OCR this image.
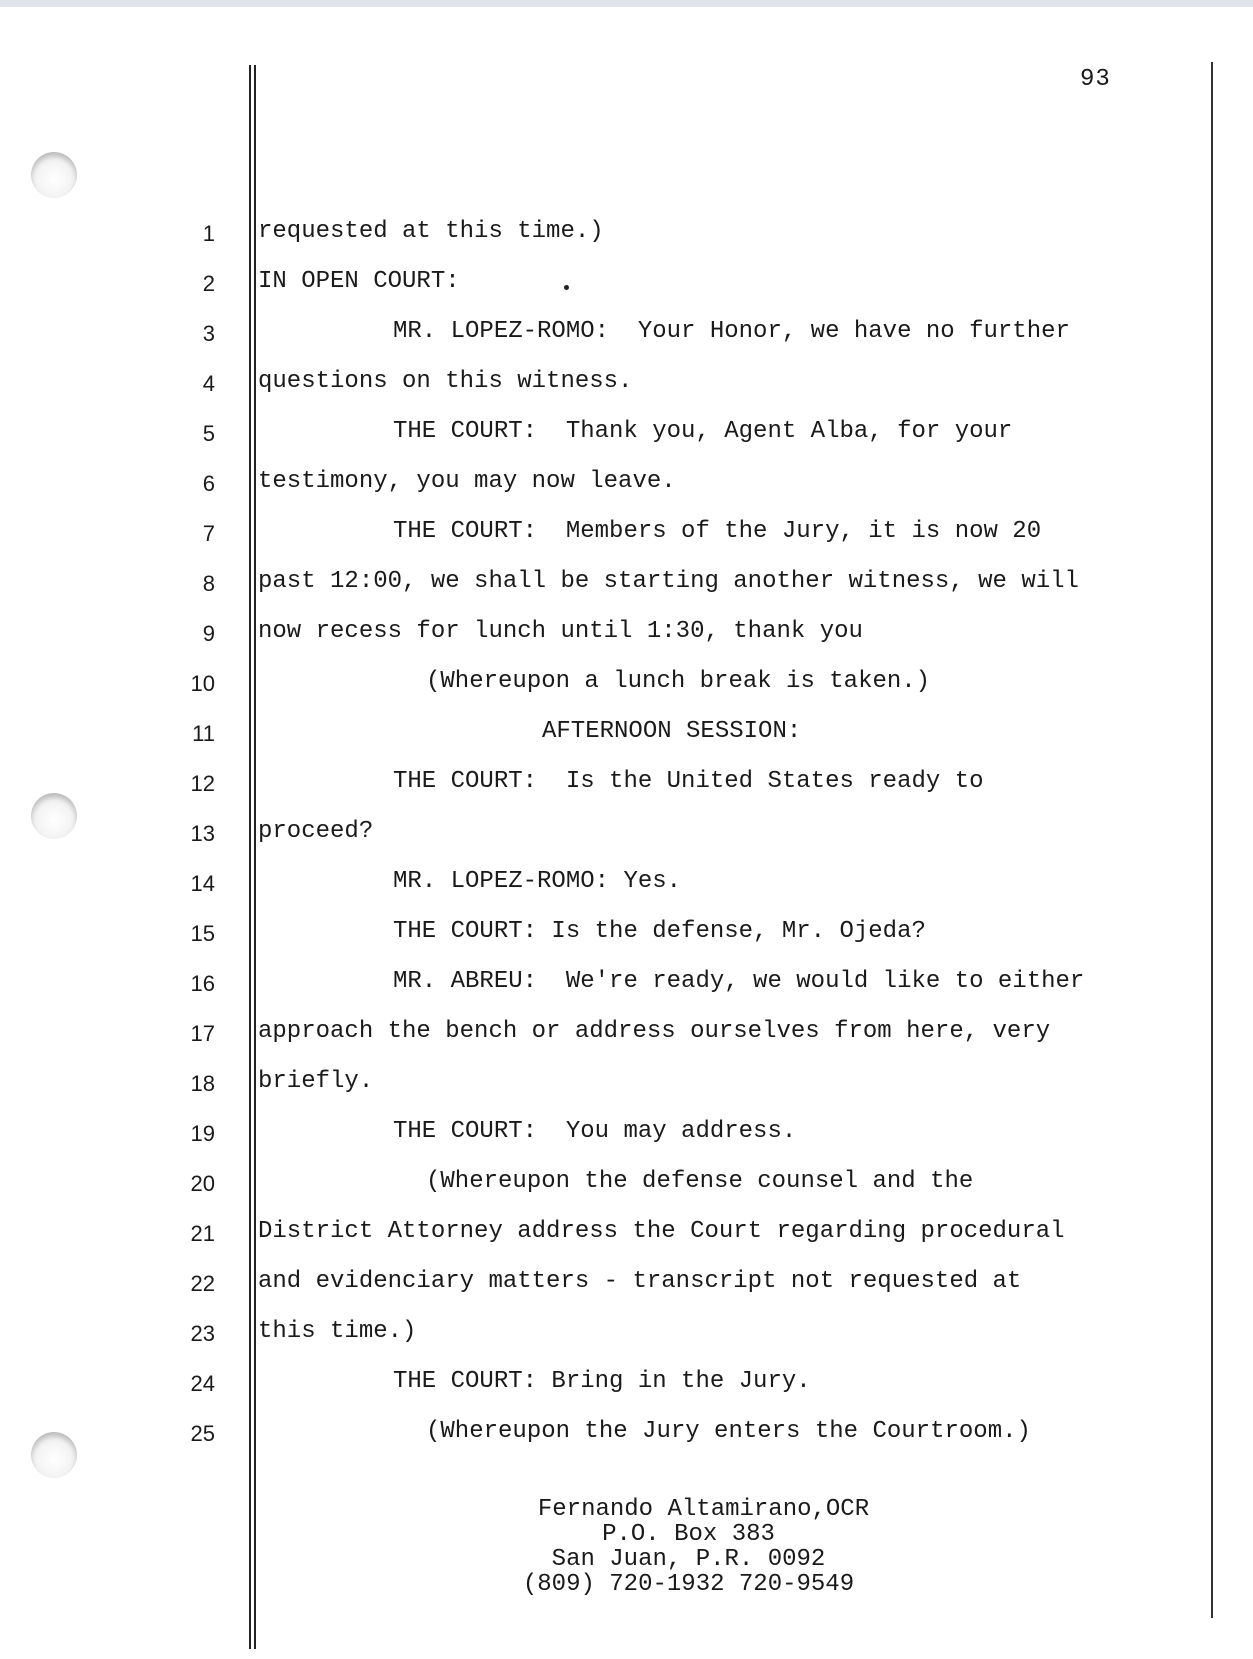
93
1
2
3
4
5
6
7
8
9
10
11
12
13
14
15
16
17
18
19
20
21
22
23
24
25
requested at this time.)
IN OPEN COURT:
MR. LOPEZ-ROMO:  Your Honor, we have no further
questions on this witness.
THE COURT:  Thank you, Agent Alba, for your
testimony, you may now leave.
THE COURT:  Members of the Jury, it is now 20
past 12:00, we shall be starting another witness, we will
now recess for lunch until 1:30, thank you
(Whereupon a lunch break is taken.)
AFTERNOON SESSION:
THE COURT:  Is the United States ready to
proceed?
MR. LOPEZ-ROMO: Yes.
THE COURT: Is the defense, Mr. Ojeda?
MR. ABREU:  We're ready, we would like to either
approach the bench or address ourselves from here, very
briefly.
THE COURT:  You may address.
(Whereupon the defense counsel and the
District Attorney address the Court regarding procedural
and evidenciary matters - transcript not requested at
this time.)
THE COURT: Bring in the Jury.
(Whereupon the Jury enters the Courtroom.)
Fernando Altamirano,OCR
P.O. Box 383
San Juan, P.R. 0092
(809) 720-1932 720-9549
